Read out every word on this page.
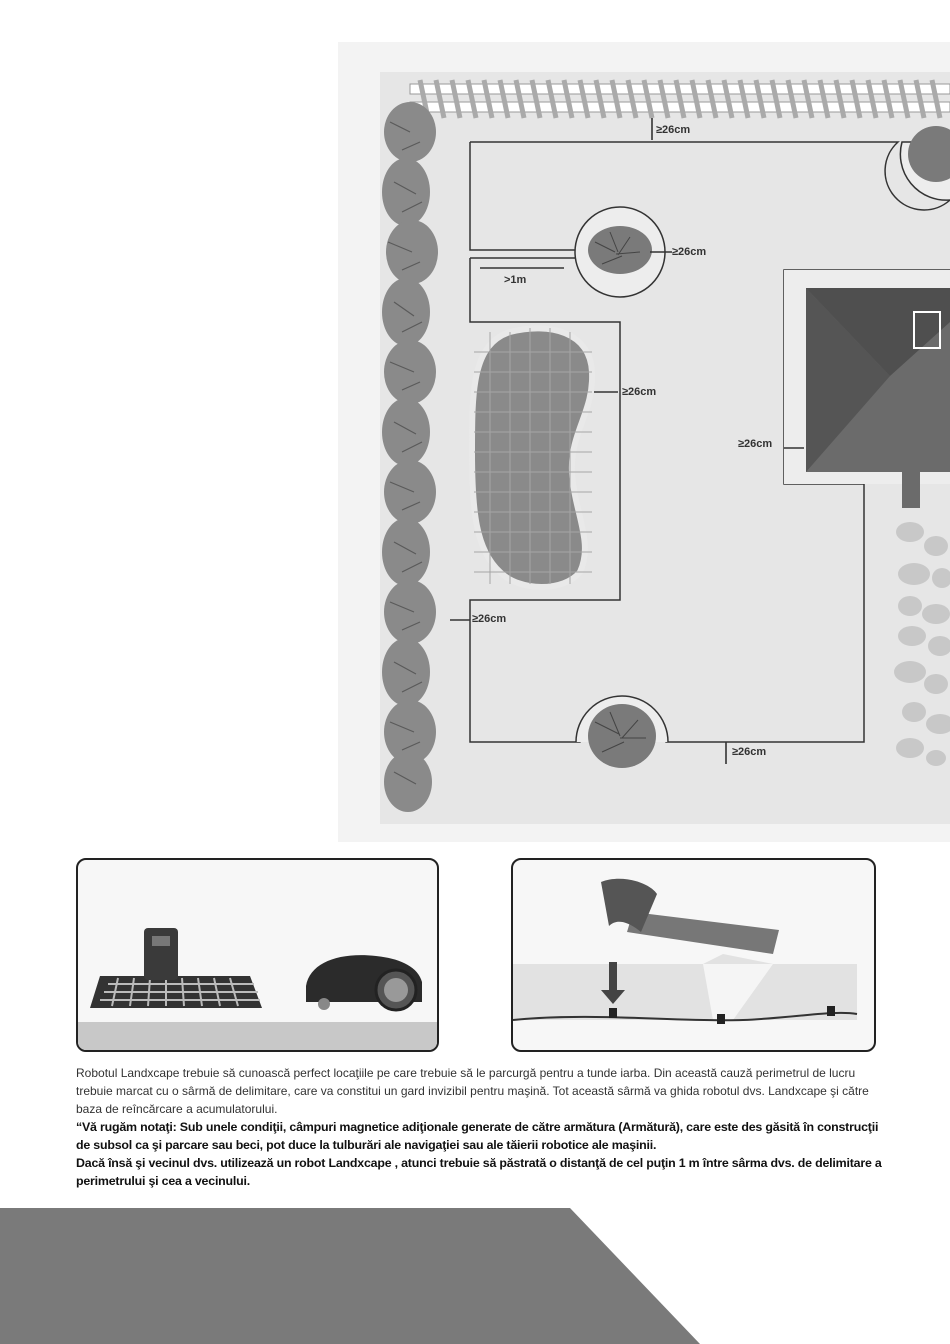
≥26cm
≥26cm
>1m
≥26cm
≥26cm
≥26cm
≥26cm

Robotul Landxcape trebuie să cunoască perfect locaţiile pe care trebuie să le parcurgă pentru a tunde iarba. Din această cauză perimetrul de lucru trebuie marcat cu o sârmă de delimitare, care va constitui un gard invizibil pentru maşină. Tot această sârmă va ghida robotul dvs. Landxcape şi către baza de reîncărcare a acumulatorului.

“Vă rugăm notaţi: Sub unele condiţii, câmpuri magnetice adiţionale generate de către armătura (Armătură), care este des găsită în construcţii de subsol ca şi parcare sau beci, pot duce la tulburări ale navigaţiei sau ale tăierii robotice ale maşinii.

Dacă însă şi vecinul dvs. utilizează un robot Landxcape , atunci trebuie să păstrată o distanţă de cel puţin 1 m între sârma dvs. de delimitare a perimetrului şi cea a vecinului.
